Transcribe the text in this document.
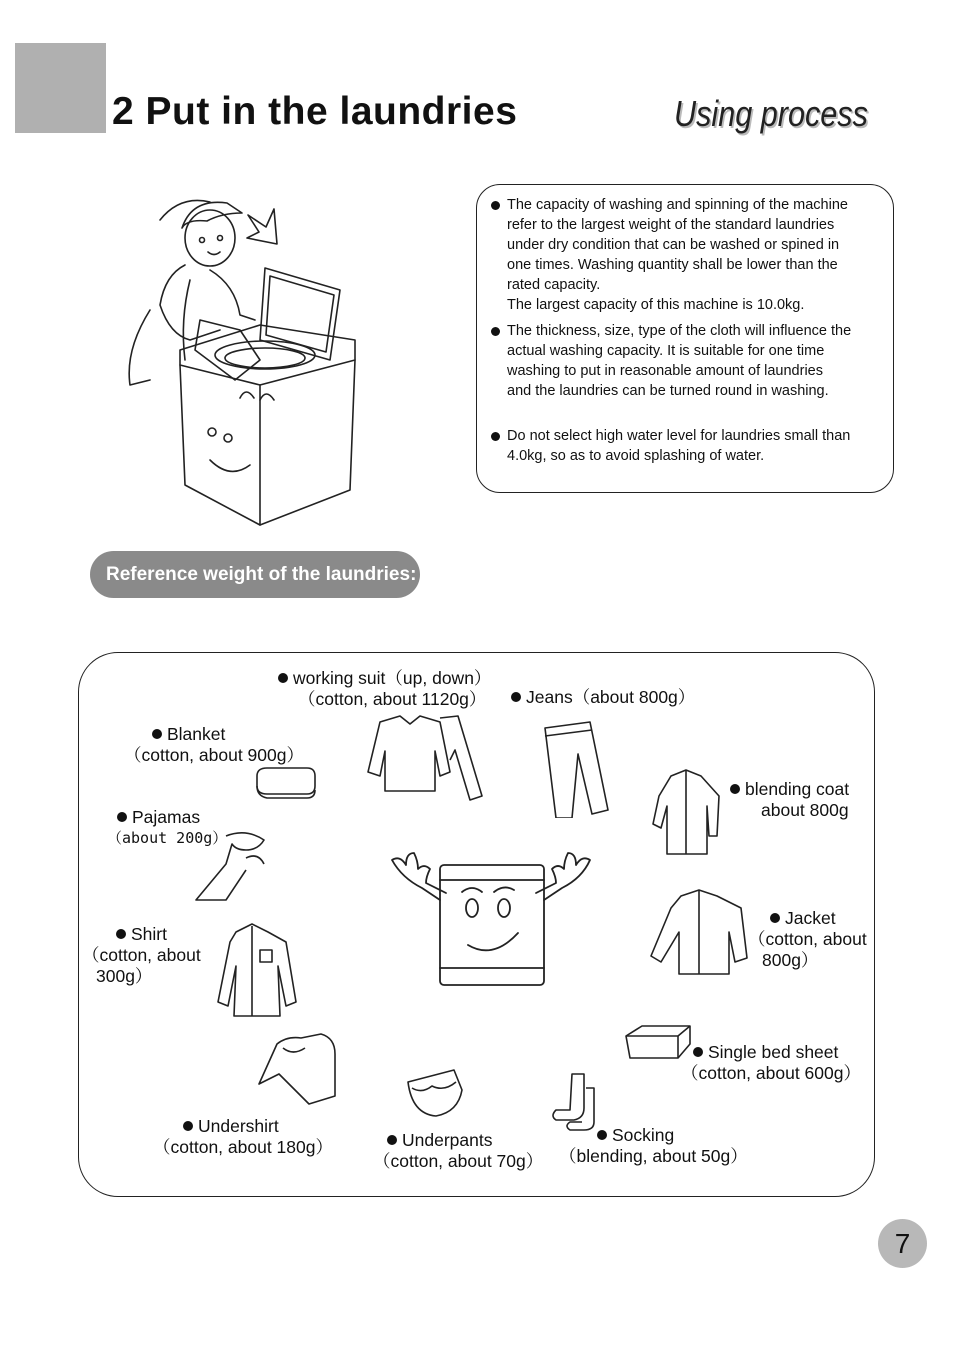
2 Put in the laundries	Using process

The capacity of washing and spinning of the machine
refer to the largest weight of the standard laundries
under dry condition that can be washed or spined in
one times. Washing quantity shall be lower than the
rated capacity.
The largest capacity of this machine is 10.0kg.

The thickness, size, type of the cloth will influence the
actual washing capacity. It is suitable for one time
washing to put in reasonable amount of laundries
and the laundries can be turned round in washing.

Do not select high water level for laundries small than
4.0kg, so as to avoid splashing of water.

Reference weight of the laundries:
working suit（up, down）
（cotton, about 1120g）	Jeans（about 800g）
Blanket
（cotton, about 900g）
blending coat
about 800g
Pajamas
（about 200g）
Jacket
（cotton, about
800g）
Shirt
（cotton, about
300g）
Single bed sheet
（cotton, about 600g）
Undershirt
（cotton, about 180g）	Underpants
（cotton, about 70g）
Socking
（blending, about 50g）
7
